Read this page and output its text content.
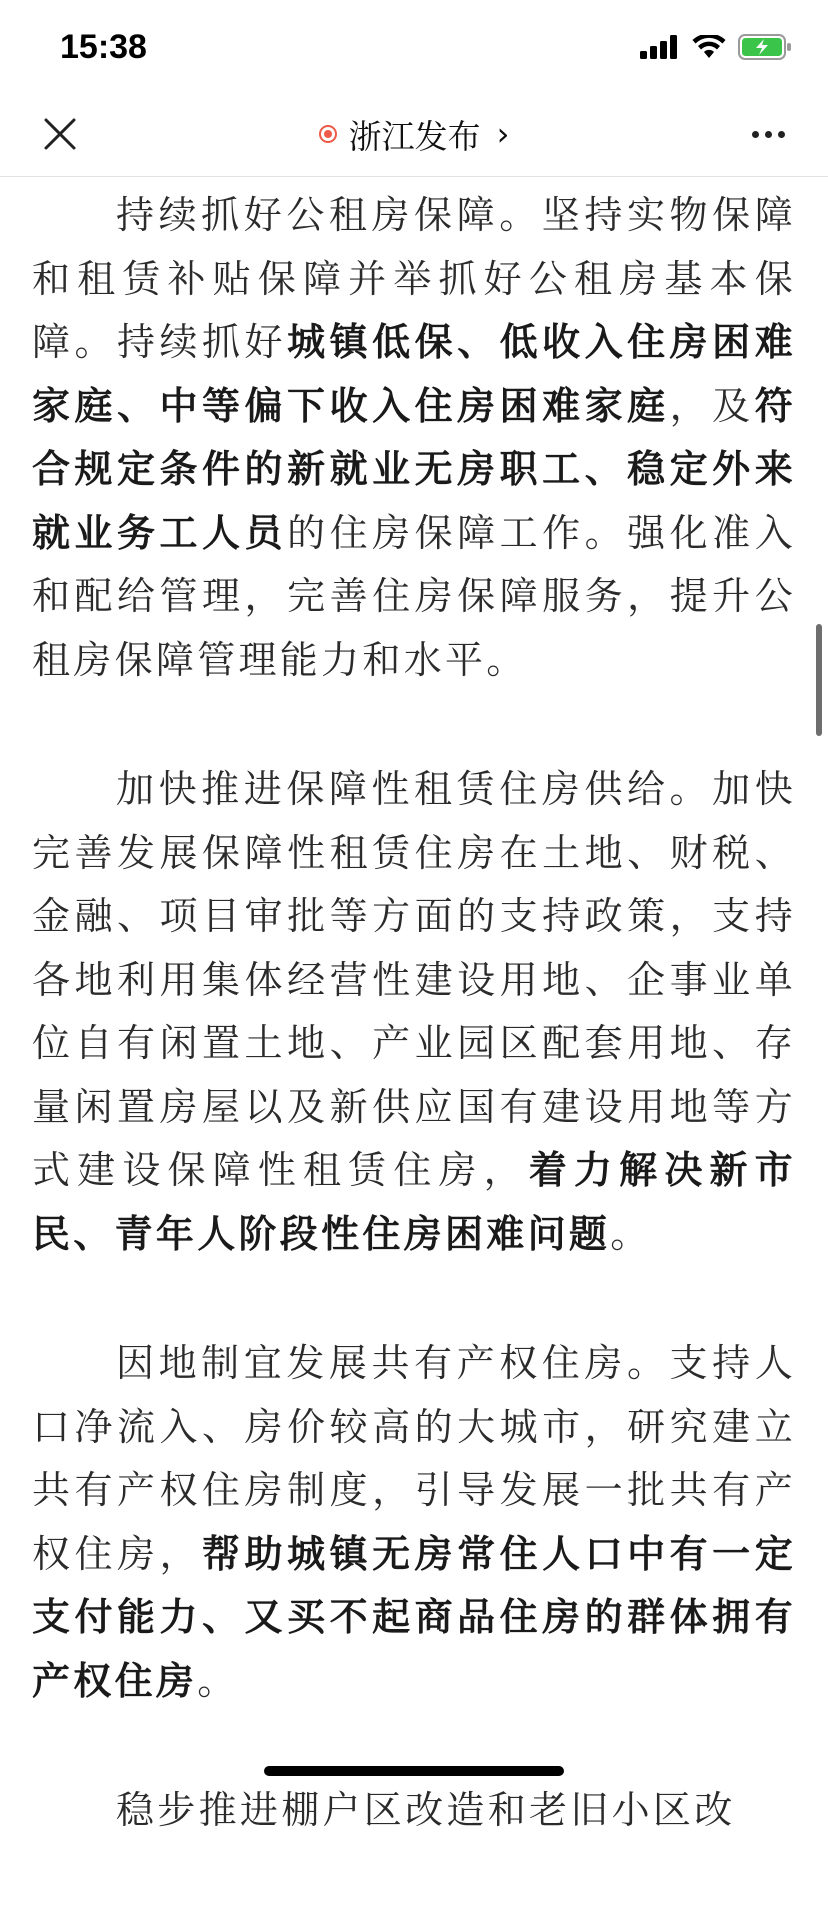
15:38
浙江发布 ›

持续抓好公租房保障。坚持实物保障和租赁补贴保障并举抓好公租房基本保障。持续抓好城镇低保、低收入住房困难家庭、中等偏下收入住房困难家庭，及符合规定条件的新就业无房职工、稳定外来就业务工人员的住房保障工作。强化准入和配给管理，完善住房保障服务，提升公租房保障管理能力和水平。

加快推进保障性租赁住房供给。加快完善发展保障性租赁住房在土地、财税、金融、项目审批等方面的支持政策，支持各地利用集体经营性建设用地、企事业单位自有闲置土地、产业园区配套用地、存量闲置房屋以及新供应国有建设用地等方式建设保障性租赁住房，着力解决新市民、青年人阶段性住房困难问题。

因地制宜发展共有产权住房。支持人口净流入、房价较高的大城市，研究建立共有产权住房制度，引导发展一批共有产权住房，帮助城镇无房常住人口中有一定支付能力、又买不起商品住房的群体拥有产权住房。

稳步推进棚户区改造和老旧小区改
